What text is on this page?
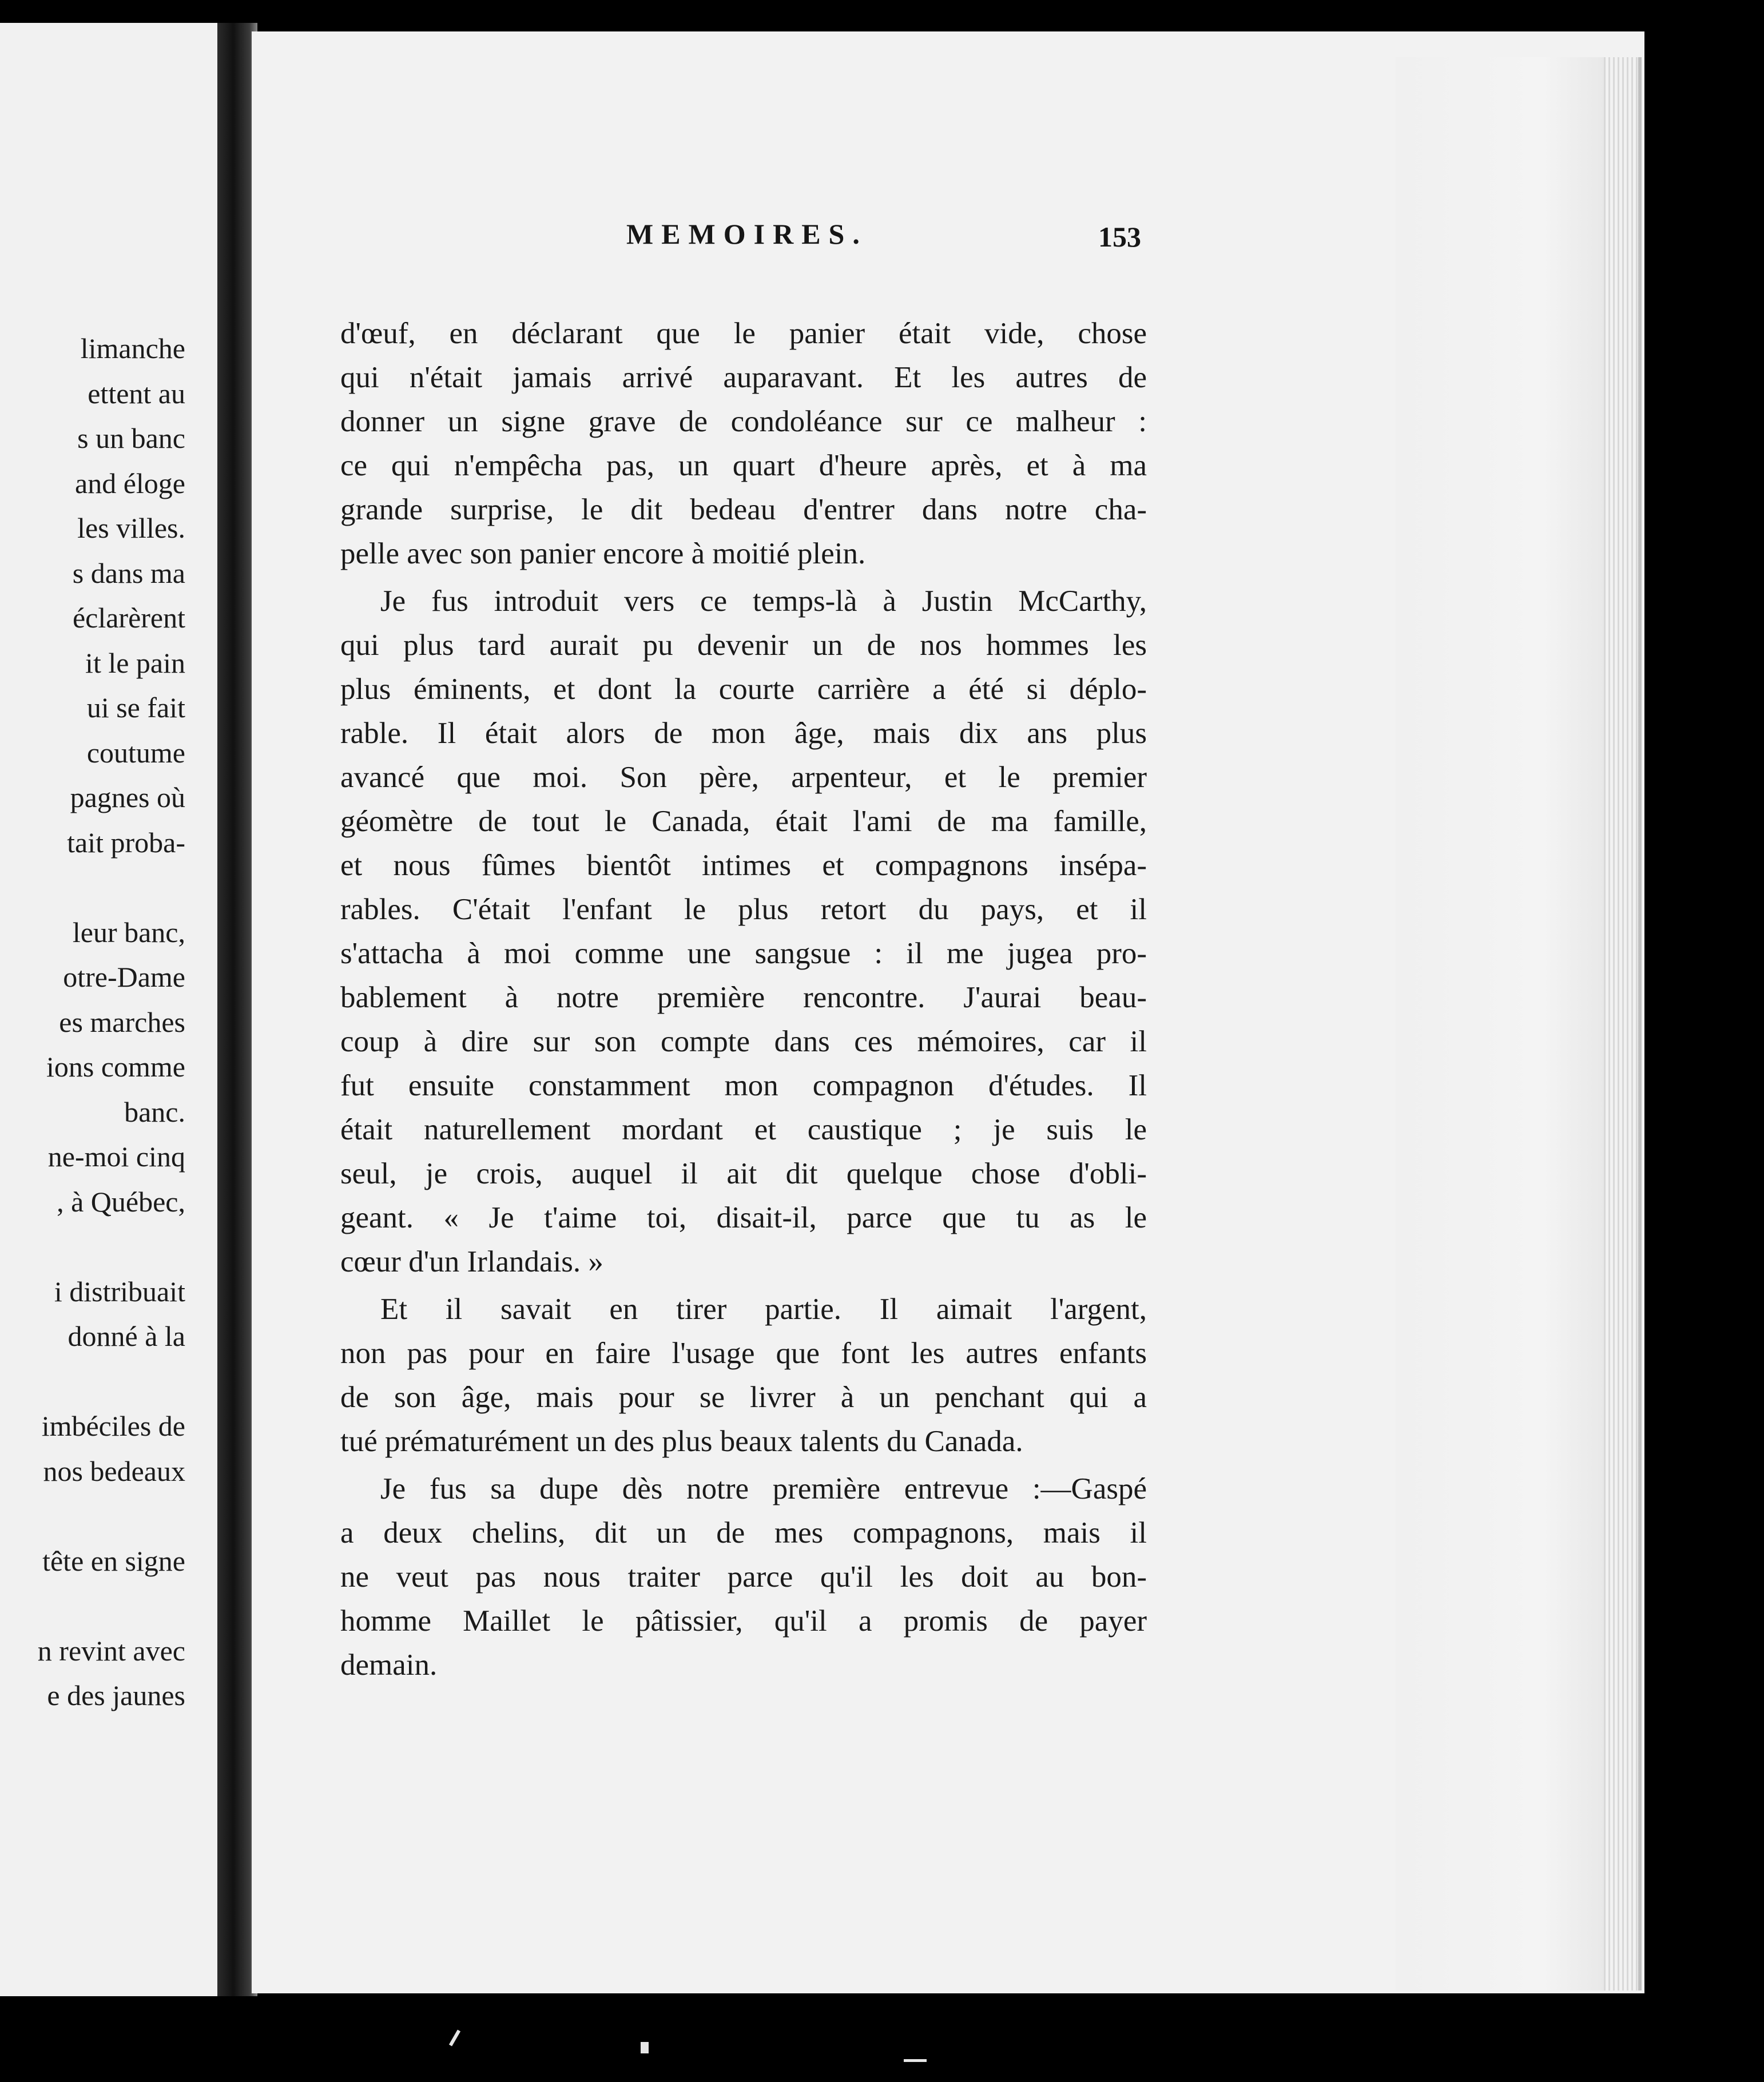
limanche
ettent au
s un banc
and éloge
les villes.
s dans ma
éclarèrent
it le pain
ui se fait
coutume
pagnes où
tait proba-
leur banc,
otre-Dame
es marches
ions comme
banc.
ne-moi cinq
, à Québec,
i distribuait
donné à la
imbéciles de
nos bedeaux
tête en signe
n revint avec
e des jaunes
MEMOIRES.	153
d'œuf, en déclarant que le panier était vide, chose
qui n'était jamais arrivé auparavant. Et les autres de
donner un signe grave de condoléance sur ce malheur :
ce qui n'empêcha pas, un quart d'heure après, et à ma
grande surprise, le dit bedeau d'entrer dans notre cha-
pelle avec son panier encore à moitié plein.
Je fus introduit vers ce temps-là à Justin McCarthy,
qui plus tard aurait pu devenir un de nos hommes les
plus éminents, et dont la courte carrière a été si déplo-
rable. Il était alors de mon âge, mais dix ans plus
avancé que moi. Son père, arpenteur, et le premier
géomètre de tout le Canada, était l'ami de ma famille,
et nous fûmes bientôt intimes et compagnons insépa-
rables. C'était l'enfant le plus retort du pays, et il
s'attacha à moi comme une sangsue : il me jugea pro-
bablement à notre première rencontre. J'aurai beau-
coup à dire sur son compte dans ces mémoires, car il
fut ensuite constamment mon compagnon d'études. Il
était naturellement mordant et caustique ; je suis le
seul, je crois, auquel il ait dit quelque chose d'obli-
geant. « Je t'aime toi, disait-il, parce que tu as le
cœur d'un Irlandais. »
Et il savait en tirer partie. Il aimait l'argent,
non pas pour en faire l'usage que font les autres enfants
de son âge, mais pour se livrer à un penchant qui a
tué prématurément un des plus beaux talents du Canada.
Je fus sa dupe dès notre première entrevue :—Gaspé
a deux chelins, dit un de mes compagnons, mais il
ne veut pas nous traiter parce qu'il les doit au bon-
homme Maillet le pâtissier, qu'il a promis de payer
demain.
